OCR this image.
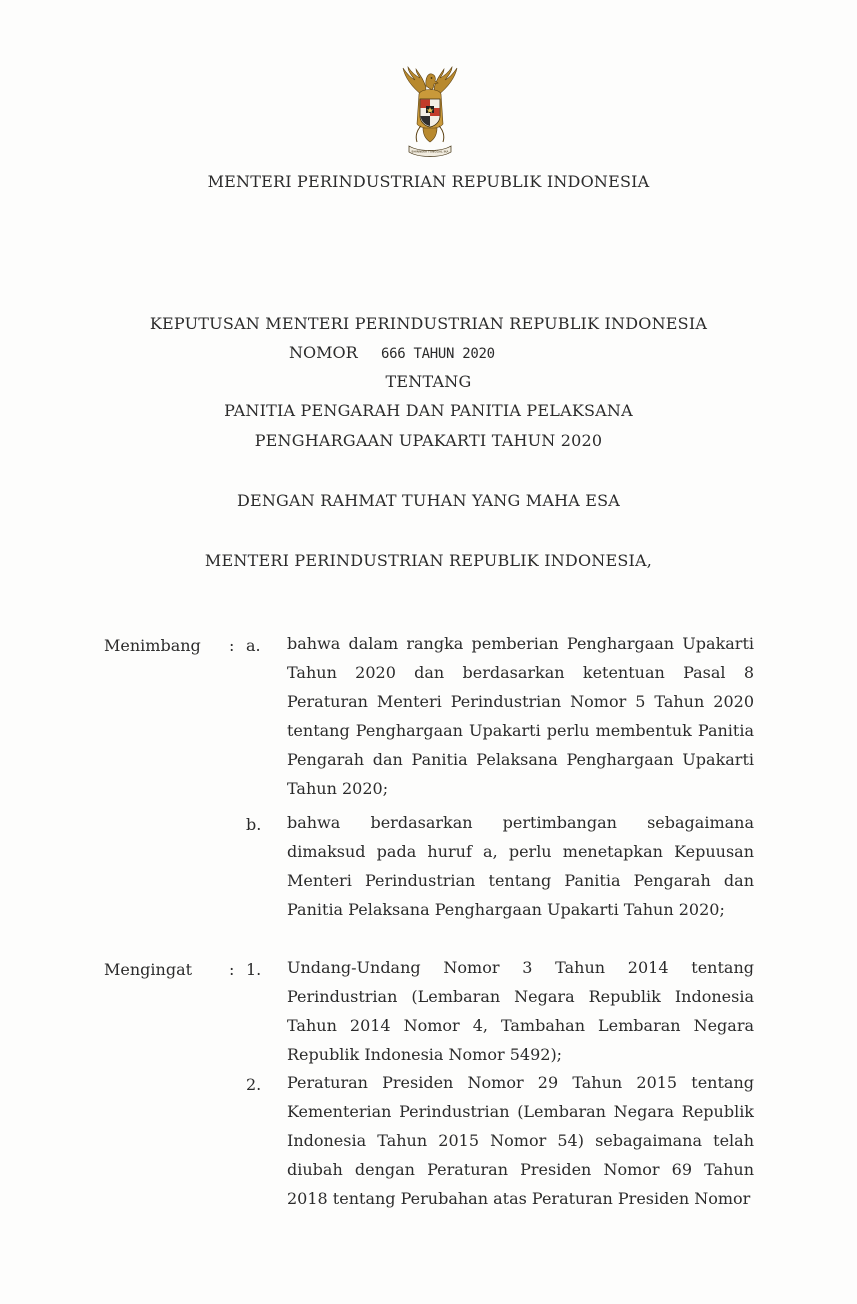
BHINNEKA TUNGGAL IKA
MENTERI PERINDUSTRIAN REPUBLIK INDONESIA
KEPUTUSAN MENTERI PERINDUSTRIAN REPUBLIK INDONESIA
NOMOR 666 TAHUN 2020
TENTANG
PANITIA PENGARAH DAN PANITIA PELAKSANA
PENGHARGAAN UPAKARTI TAHUN 2020
DENGAN RAHMAT TUHAN YANG MAHA ESA
MENTERI PERINDUSTRIAN REPUBLIK INDONESIA,
Menimbang : a. bahwa dalam rangka pemberian Penghargaan Upakarti Tahun 2020 dan berdasarkan ketentuan Pasal 8 Peraturan Menteri Perindustrian Nomor 5 Tahun 2020 tentang Penghargaan Upakarti perlu membentuk Panitia Pengarah dan Panitia Pelaksana Penghargaan Upakarti Tahun 2020;

b. bahwa berdasarkan pertimbangan sebagaimana dimaksud pada huruf a, perlu menetapkan Kepuusan Menteri Perindustrian tentang Panitia Pengarah dan Panitia Pelaksana Penghargaan Upakarti Tahun 2020;

Mengingat : 1. Undang-Undang Nomor 3 Tahun 2014 tentang Perindustrian (Lembaran Negara Republik Indonesia Tahun 2014 Nomor 4, Tambahan Lembaran Negara Republik Indonesia Nomor 5492);

2. Peraturan Presiden Nomor 29 Tahun 2015 tentang Kementerian Perindustrian (Lembaran Negara Republik Indonesia Tahun 2015 Nomor 54) sebagaimana telah diubah dengan Peraturan Presiden Nomor 69 Tahun 2018 tentang Perubahan atas Peraturan Presiden Nomor
